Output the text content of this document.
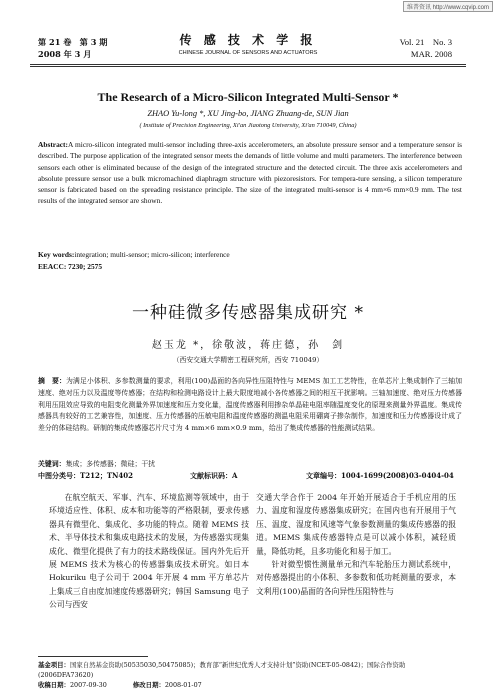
维普资讯 http://www.cqvip.com
第 21 卷　第 3 期
2008 年 3 月
传 感 技 术 学 报
CHINESE JOURNAL OF SENSORS AND ACTUATORS
Vol. 21　No. 3
MAR. 2008
The Research of a Micro-Silicon Integrated Multi-Sensor *
ZHAO Yu-long *, XU Jing-bo, JIANG Zhuang-de, SUN Jian
( Institute of Precision Engineering, Xi'an Jiaotong University, Xi'an 710049, China)
Abstract:A micro-silicon integrated multi-sensor including three-axis accelerometers, an absolute pressure sensor and a temperature sensor is described. The purpose application of the integrated sensor meets the demands of little volume and multi parameters. The interference between sensors each other is eliminated because of the design of the integrated structure and the detected circuit. The three axis accelerometers and absolute pressure sensor use a bulk micromachined diaphragm structure with piezoresistors. For tempera-ture sensing, a silicon temperature sensor is fabricated based on the spreading resistance principle. The size of the integrated multi-sensor is 4 mm×6 mm×0.9 mm. The test results of the integrated sensor are shown.
Key words:integration; multi-sensor; micro-silicon; interference
EEACC: 7230; 2575
一种硅微多传感器集成研究 *
赵玉龙 *，徐敬波，蒋庄德，孙　剑
（西安交通大学精密工程研究所，西安 710049）
摘　要：为满足小体积、多参数测量的要求，利用(100)晶面的各向异性压阻特性与 MEMS 加工工艺特性，在单芯片上集成制作了三轴加速度、绝对压力以及温度等传感器；在结构和检测电路设计上最大限度地减小各传感器之间的相互干扰影响。三轴加速度、绝对压力传感器利用压阻效应导致的电阻变化测量外界加速度和压力变化量，温度传感器利用掺杂单晶硅电阻率随温度变化的原理来测量外界温度。集成传感器具有较好的工艺兼容性，加速度、压力传感器的压敏电阻和温度传感器的测温电阻采用硼离子掺杂制作，加速度和压力传感器设计成了差分的体硅结构。研制的集成传感器芯片尺寸为 4 mm×6 mm×0.9 mm，给出了集成传感器的性能测试结果。
关键词：集成；多传感器；微硅；干扰
中图分类号：T212；TN402	文献标识码：A	文章编号：1004-1699(2008)03-0404-04
在航空航天、军事、汽车、环境监测等领域中，由于环境适应性、体积、成本和功能等的严格限制，要求传感器具有微型化、集成化、多功能的特点。随着 MEMS 技术、半导体技术和集成电路技术的发展，为传感器实现集成化、微型化提供了有力的技术路线保证。国内外先后开展 MEMS 技术为核心的传感器集成技术研究。如日本 Hokuriku 电子公司于 2004 年开展 4 mm 平方单芯片上集成三自由度加速度传感器研究；韩国 Samsung 电子公司与西安
交通大学合作于 2004 年开始开展适合于手机应用的压力、温度和湿度传感器集成研究；在国内也有开展用于气压、温度、湿度和风速等气象参数测量的集成传感器的报道。MEMS 集成传感器特点是可以减小体积，减轻质量，降低功耗，且多功能化和易于加工。
针对微型惯性测量单元和汽车轮胎压力测试系统中，对传感器提出的小体积、多参数和低功耗测量的要求，本文利用(100)晶面的各向异性压阻特性与
基金项目：国家自然基金资助(50535030,50475085)；教育部“新世纪优秀人才支持计划”资助(NCET-05-0842)；国际合作资助(2006DFA73620)
收稿日期：2007-09-30	修改日期：2008-01-07
